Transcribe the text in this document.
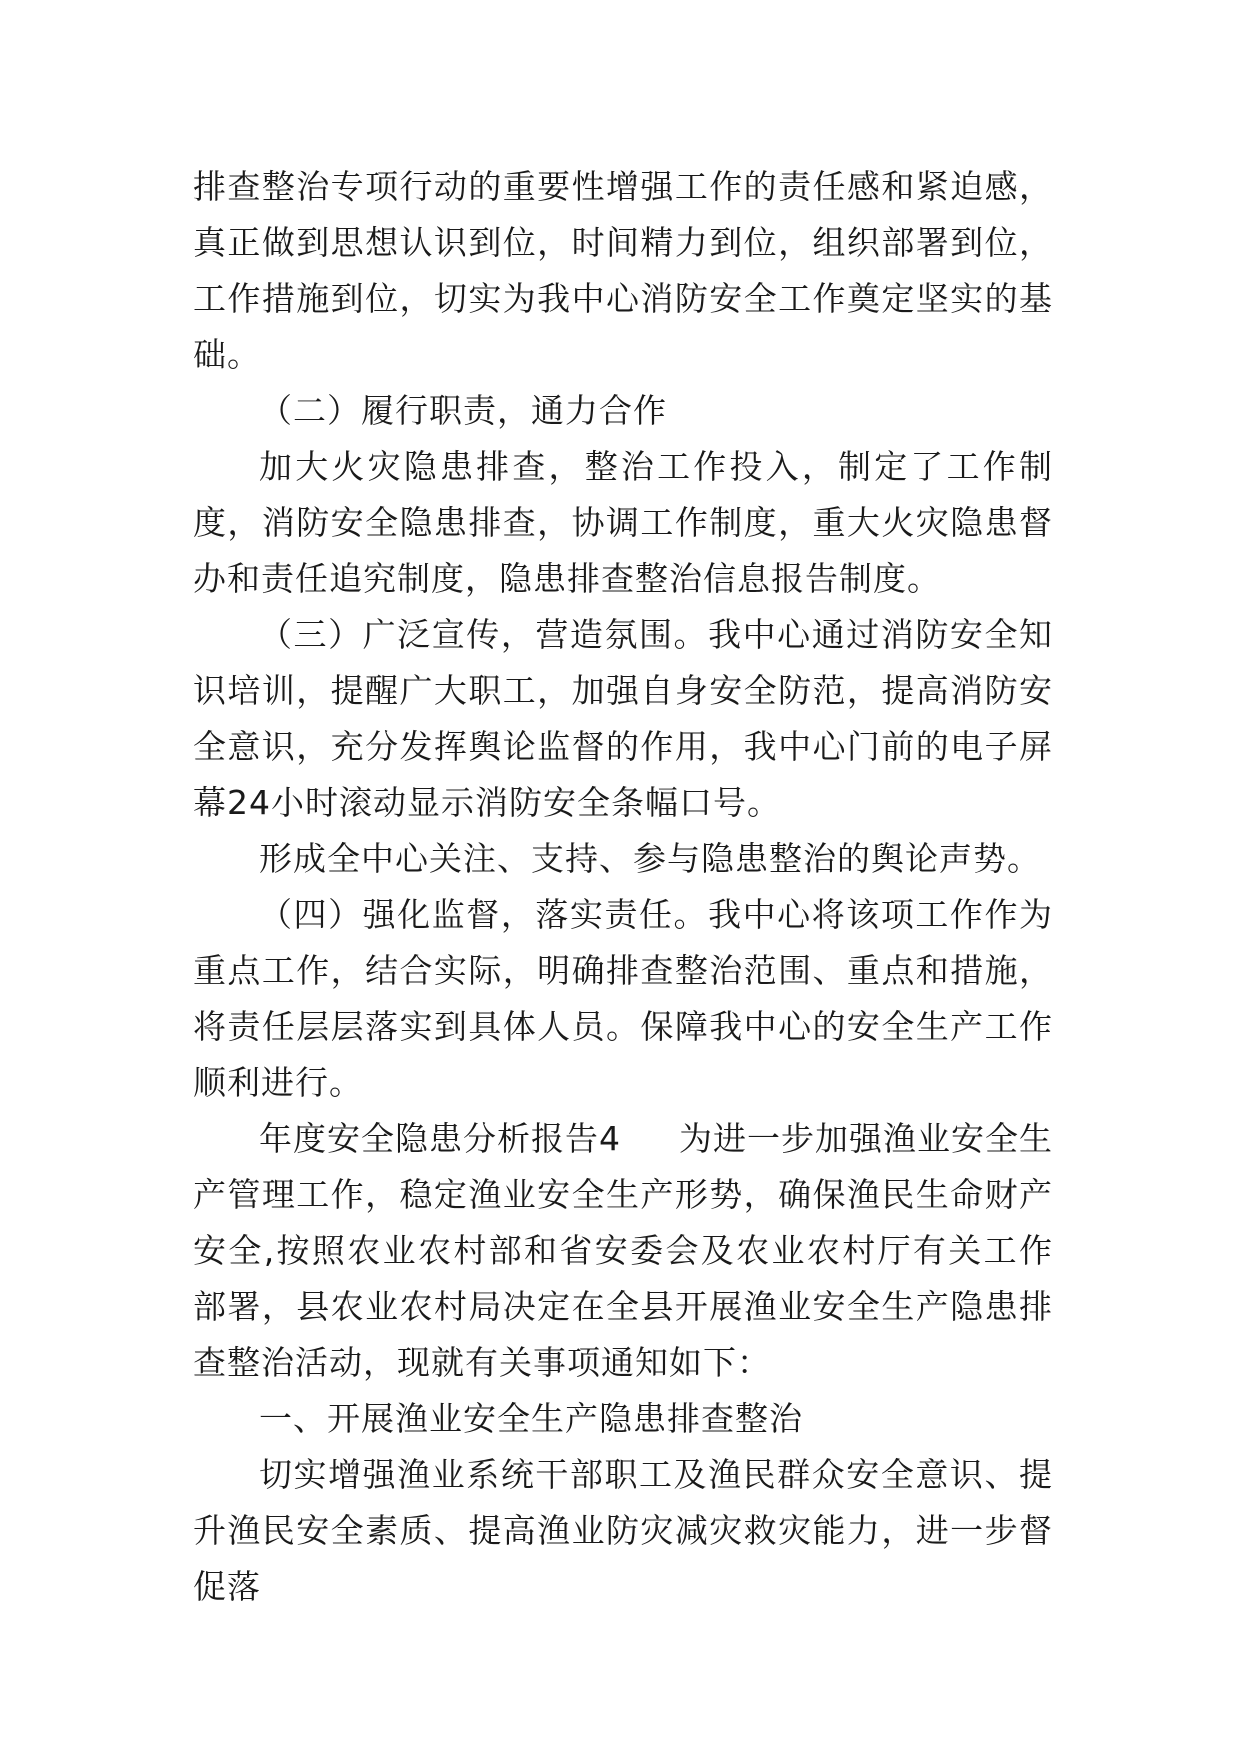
排查整治专项行动的重要性增强工作的责任感和紧迫感，真正做到思想认识到位，时间精力到位，组织部署到位，工作措施到位，切实为我中心消防安全工作奠定坚实的基础。

（二）履行职责，通力合作

加大火灾隐患排查，整治工作投入，制定了工作制度，消防安全隐患排查，协调工作制度，重大火灾隐患督办和责任追究制度，隐患排查整治信息报告制度。

（三）广泛宣传，营造氛围。我中心通过消防安全知识培训，提醒广大职工，加强自身安全防范，提高消防安全意识，充分发挥舆论监督的作用，我中心门前的电子屏幕24小时滚动显示消防安全条幅口号。

形成全中心关注、支持、参与隐患整治的舆论声势。

（四）强化监督，落实责任。我中心将该项工作作为重点工作，结合实际，明确排查整治范围、重点和措施，将责任层层落实到具体人员。保障我中心的安全生产工作顺利进行。

年度安全隐患分析报告4 为进一步加强渔业安全生产管理工作，稳定渔业安全生产形势，确保渔民生命财产安全,按照农业农村部和省安委会及农业农村厅有关工作部署，县农业农村局决定在全县开展渔业安全生产隐患排查整治活动，现就有关事项通知如下：

一、开展渔业安全生产隐患排查整治

切实增强渔业系统干部职工及渔民群众安全意识、提升渔民安全素质、提高渔业防灾减灾救灾能力，进一步督促落
